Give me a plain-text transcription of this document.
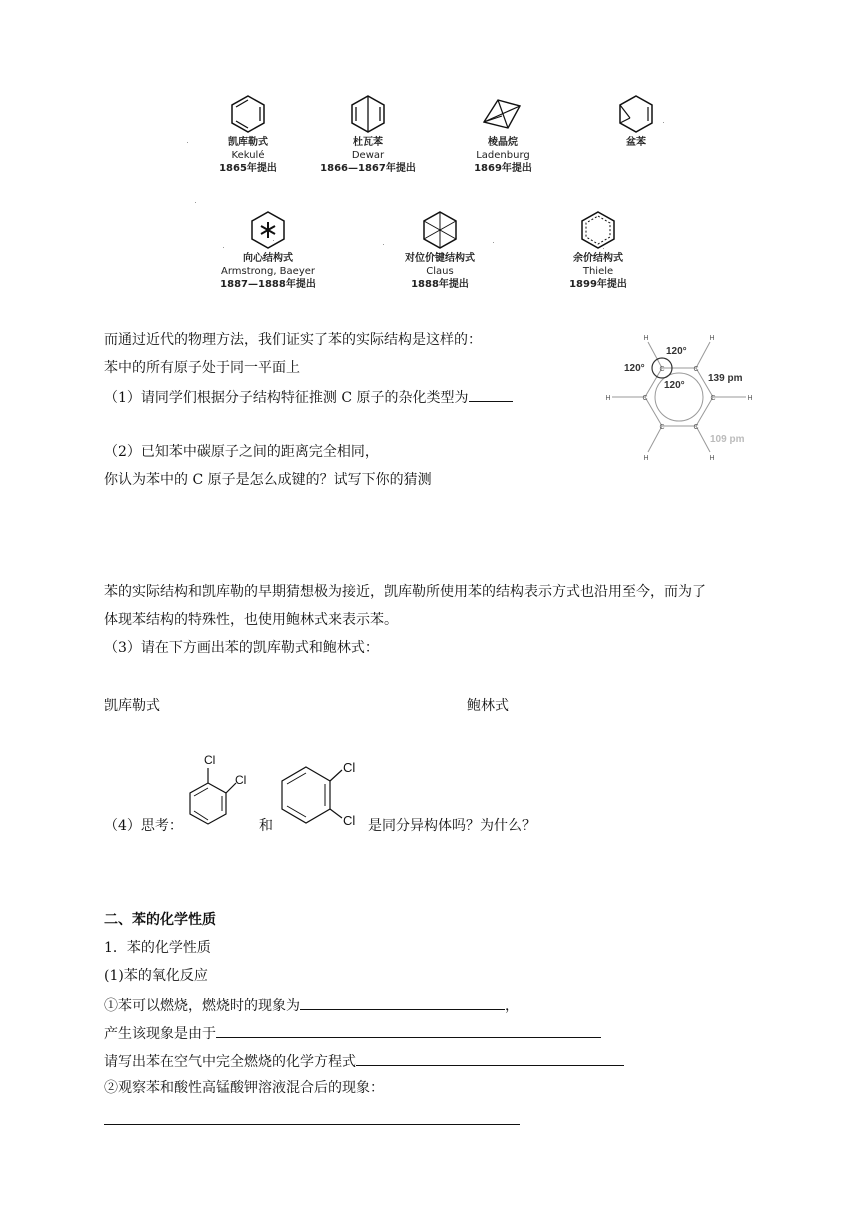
凯库勒式
Kekulé
1865年提出
杜瓦苯
Dewar
1866—1867年提出
棱晶烷
Ladenburg
1869年提出
盆苯
向心结构式
Armstrong, Baeyer
1887—1888年提出
对位价键结构式
Claus
1888年提出
余价结构式
Thiele
1899年提出
C	C
C
C
C
C
H	H
H
H
H
H
120°
120°
120°
139 pm
109 pm
而通过近代的物理方法，我们证实了苯的实际结构是这样的：
苯中的所有原子处于同一平面上
（1）请同学们根据分子结构特征推测 C 原子的杂化类型为
（2）已知苯中碳原子之间的距离完全相同，
你认为苯中的 C 原子是怎么成键的？试写下你的猜测
苯的实际结构和凯库勒的早期猜想极为接近，凯库勒所使用苯的结构表示方式也沿用至今，而为了
体现苯结构的特殊性，也使用鲍林式来表示苯。
（3）请在下方画出苯的凯库勒式和鲍林式：
凯库勒式	鲍林式
（4）思考：
Cl
Cl
和
Cl
Cl 是同分异构体吗？为什么？
二、苯的化学性质
1．苯的化学性质
(1)苯的氧化反应
①苯可以燃烧，燃烧时的现象为	，
产生该现象是由于
请写出苯在空气中完全燃烧的化学方程式
②观察苯和酸性高锰酸钾溶液混合后的现象：
